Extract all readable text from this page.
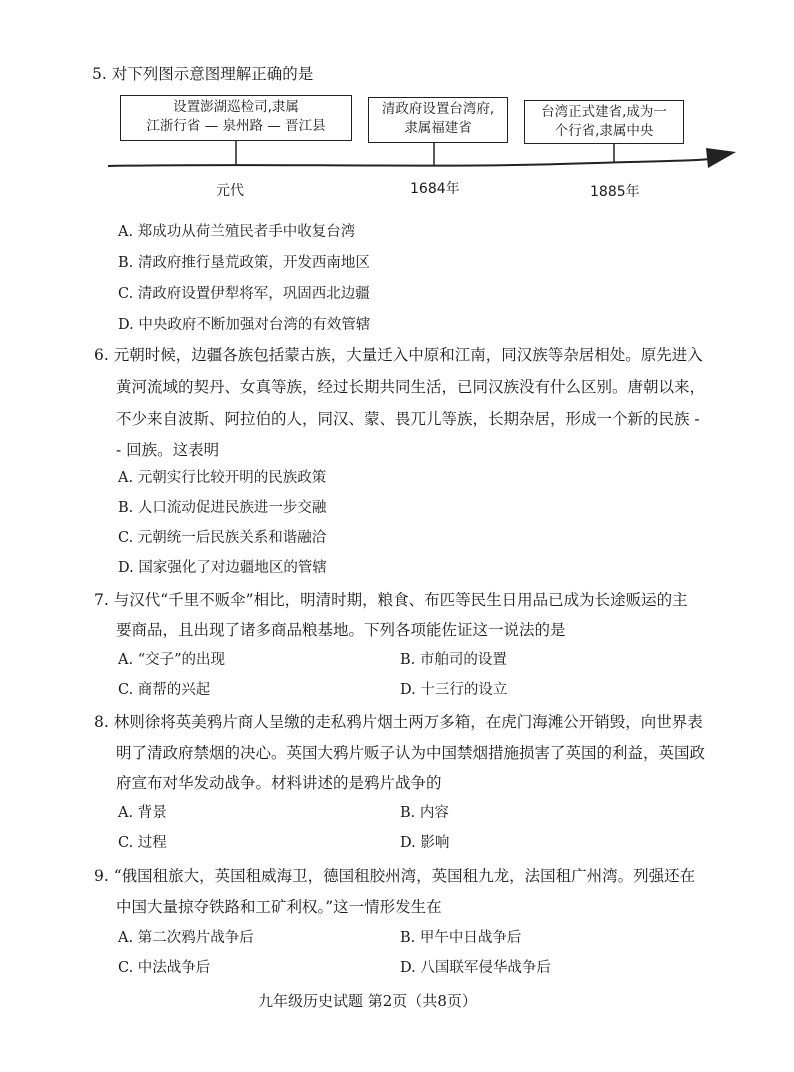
5. 对下列图示意图理解正确的是
设置澎湖巡检司,隶属
江浙行省 — 泉州路 — 晋江县
元代
清政府设置台湾府,
隶属福建省
1684年
台湾正式建省,成为一
个行省,隶属中央
1885年
A. 郑成功从荷兰殖民者手中收复台湾
B. 清政府推行垦荒政策，开发西南地区
C. 清政府设置伊犁将军，巩固西北边疆
D. 中央政府不断加强对台湾的有效管辖
6. 元朝时候，边疆各族包括蒙古族，大量迁入中原和江南，同汉族等杂居相处。原先进入
黄河流域的契丹、女真等族，经过长期共同生活，已同汉族没有什么区别。唐朝以来，
不少来自波斯、阿拉伯的人，同汉、蒙、畏兀儿等族，长期杂居，形成一个新的民族 -
- 回族。这表明
A. 元朝实行比较开明的民族政策
B. 人口流动促进民族进一步交融
C. 元朝统一后民族关系和谐融洽
D. 国家强化了对边疆地区的管辖
7. 与汉代“千里不贩伞”相比，明清时期，粮食、布匹等民生日用品已成为长途贩运的主
要商品，且出现了诸多商品粮基地。下列各项能佐证这一说法的是
A. “交子”的出现	B. 市舶司的设置
C. 商帮的兴起	D. 十三行的设立
8. 林则徐将英美鸦片商人呈缴的走私鸦片烟土两万多箱，在虎门海滩公开销毁，向世界表
明了清政府禁烟的决心。英国大鸦片贩子认为中国禁烟措施损害了英国的利益，英国政
府宣布对华发动战争。材料讲述的是鸦片战争的
A. 背景	B. 内容
C. 过程	D. 影响
9. “俄国租旅大，英国租威海卫，德国租胶州湾，英国租九龙，法国租广州湾。列强还在
中国大量掠夺铁路和工矿利权。”这一情形发生在
A. 第二次鸦片战争后	B. 甲午中日战争后
C. 中法战争后	D. 八国联军侵华战争后
九年级历史试题 第2页（共8页）
